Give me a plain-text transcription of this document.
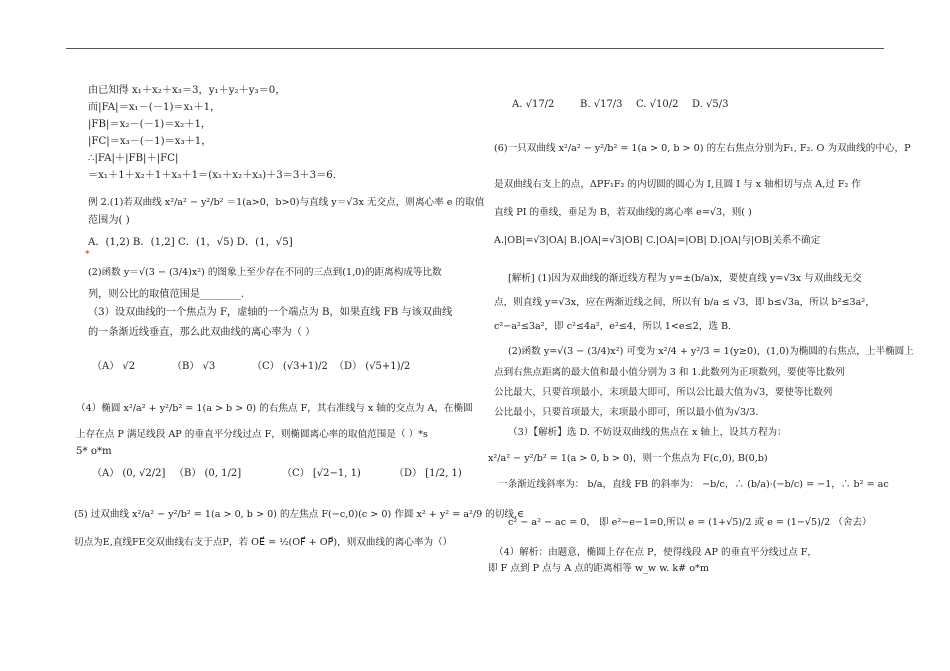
由已知得 x₁＋x₂＋x₃＝3，y₁＋y₂＋y₃＝0，
而|FA|＝x₁－(－1)＝x₁＋1，
|FB|＝x₂－(－1)＝x₂＋1，
|FC|＝x₃－(－1)＝x₃＋1，
∴|FA|＋|FB|＋|FC|
＝x₁＋1＋x₂＋1＋x₃＋1＝(x₁＋x₂＋x₃)＋3＝3＋3＝6.
例 2.(1)若双曲线 x²/a² − y²/b² ＝1(a>0，b>0)与直线 y＝√3x 无交点，则离心率 e 的取值
范围为( )
A．(1,2) B．(1,2] C．(1，√5) D．(1，√5]
*
(2)函数 y＝√(3 − (3/4)x²) 的图象上至少存在不同的三点到(1,0)的距离构成等比数
列，则公比的取值范围是________.
（3）设双曲线的一个焦点为 F，虚轴的一个端点为 B，如果直线 FB 与该双曲线
的一条渐近线垂直，那么此双曲线的离心率为（ ）
（A） √2	（B） √3	（C） (√3+1)/2 （D） (√5+1)/2
（4）椭圆 x²/a² + y²/b² = 1(a > b > 0) 的右焦点 F，其右准线与 x 轴的交点为 A，在椭圆
上存在点 P 满足线段 AP 的垂直平分线过点 F，则椭圆离心率的取值范围是（ ）*s
5* o*m
（A） (0, √2/2] （B） (0, 1/2]	（C） [√2−1, 1)	（D） [1/2, 1)
(5) 过双曲线 x²/a² − y²/b² = 1(a > 0, b > 0) 的左焦点 F(−c,0)(c > 0) 作圆 x² + y² = a²/9 的切线,∈
切点为E,直线FE交双曲线右支于点P，若 OE⃗ = ½(OF⃗ + OP⃗)，则双曲线的离心率为（）
A. √17/2	B. √17/3 C. √10/2 D. √5/3
(6)一只双曲线 x²/a² − y²/b² = 1(a > 0, b > 0) 的左右焦点分别为F₁, F₂. O 为双曲线的中心，P
是双曲线右支上的点，ΔPF₁F₂ 的内切圆的圆心为 I,且圆 I 与 x 轴相切与点 A,过 F₂ 作
直线 PI 的垂线，垂足为 B，若双曲线的离心率 e=√3，则( )
A.|OB|=√3|OA| B.|OA|=√3|OB| C.|OA|=|OB| D.|OA|与|OB|关系不确定
[解析] (1)因为双曲线的渐近线方程为 y=±(b/a)x，要使直线 y=√3x 与双曲线无交
点，则直线 y=√3x，应在两渐近线之间，所以有 b/a ≤ √3，即 b≤√3a，所以 b²≤3a²，
c²−a²≤3a²，即 c²≤4a²，e²≤4，所以 1<e≤2，选 B.
(2)函数 y=√(3 − (3/4)x²) 可变为 x²/4 + y²/3 = 1(y≥0)，(1,0)为椭圆的右焦点，上半椭圆上
点到右焦点距离的最大值和最小值分别为 3 和 1.此数列为正项数列，要使等比数列
公比最大，只要首项最小，末项最大即可，所以公比最大值为√3，要使等比数列
公比最小，只要首项最大，末项最小即可，所以最小值为√3/3.
（3）【解析】选 D. 不妨设双曲线的焦点在 x 轴上，设其方程为：
x²/a² − y²/b² = 1(a > 0, b > 0)，则一个焦点为 F(c,0), B(0,b)
一条渐近线斜率为： b/a，直线 FB 的斜率为： −b/c，∴ (b/a)·(−b/c) = −1，∴ b² = ac
c² − a² − ac = 0， 即 e²−e−1=0,所以 e = (1+√5)/2 或 e = (1−√5)/2 （舍去）
（4）解析：由题意，椭圆上存在点 P，使得线段 AP 的垂直平分线过点 F，
即 F 点到 P 点与 A 点的距离相等 w_w w. k# o*m
